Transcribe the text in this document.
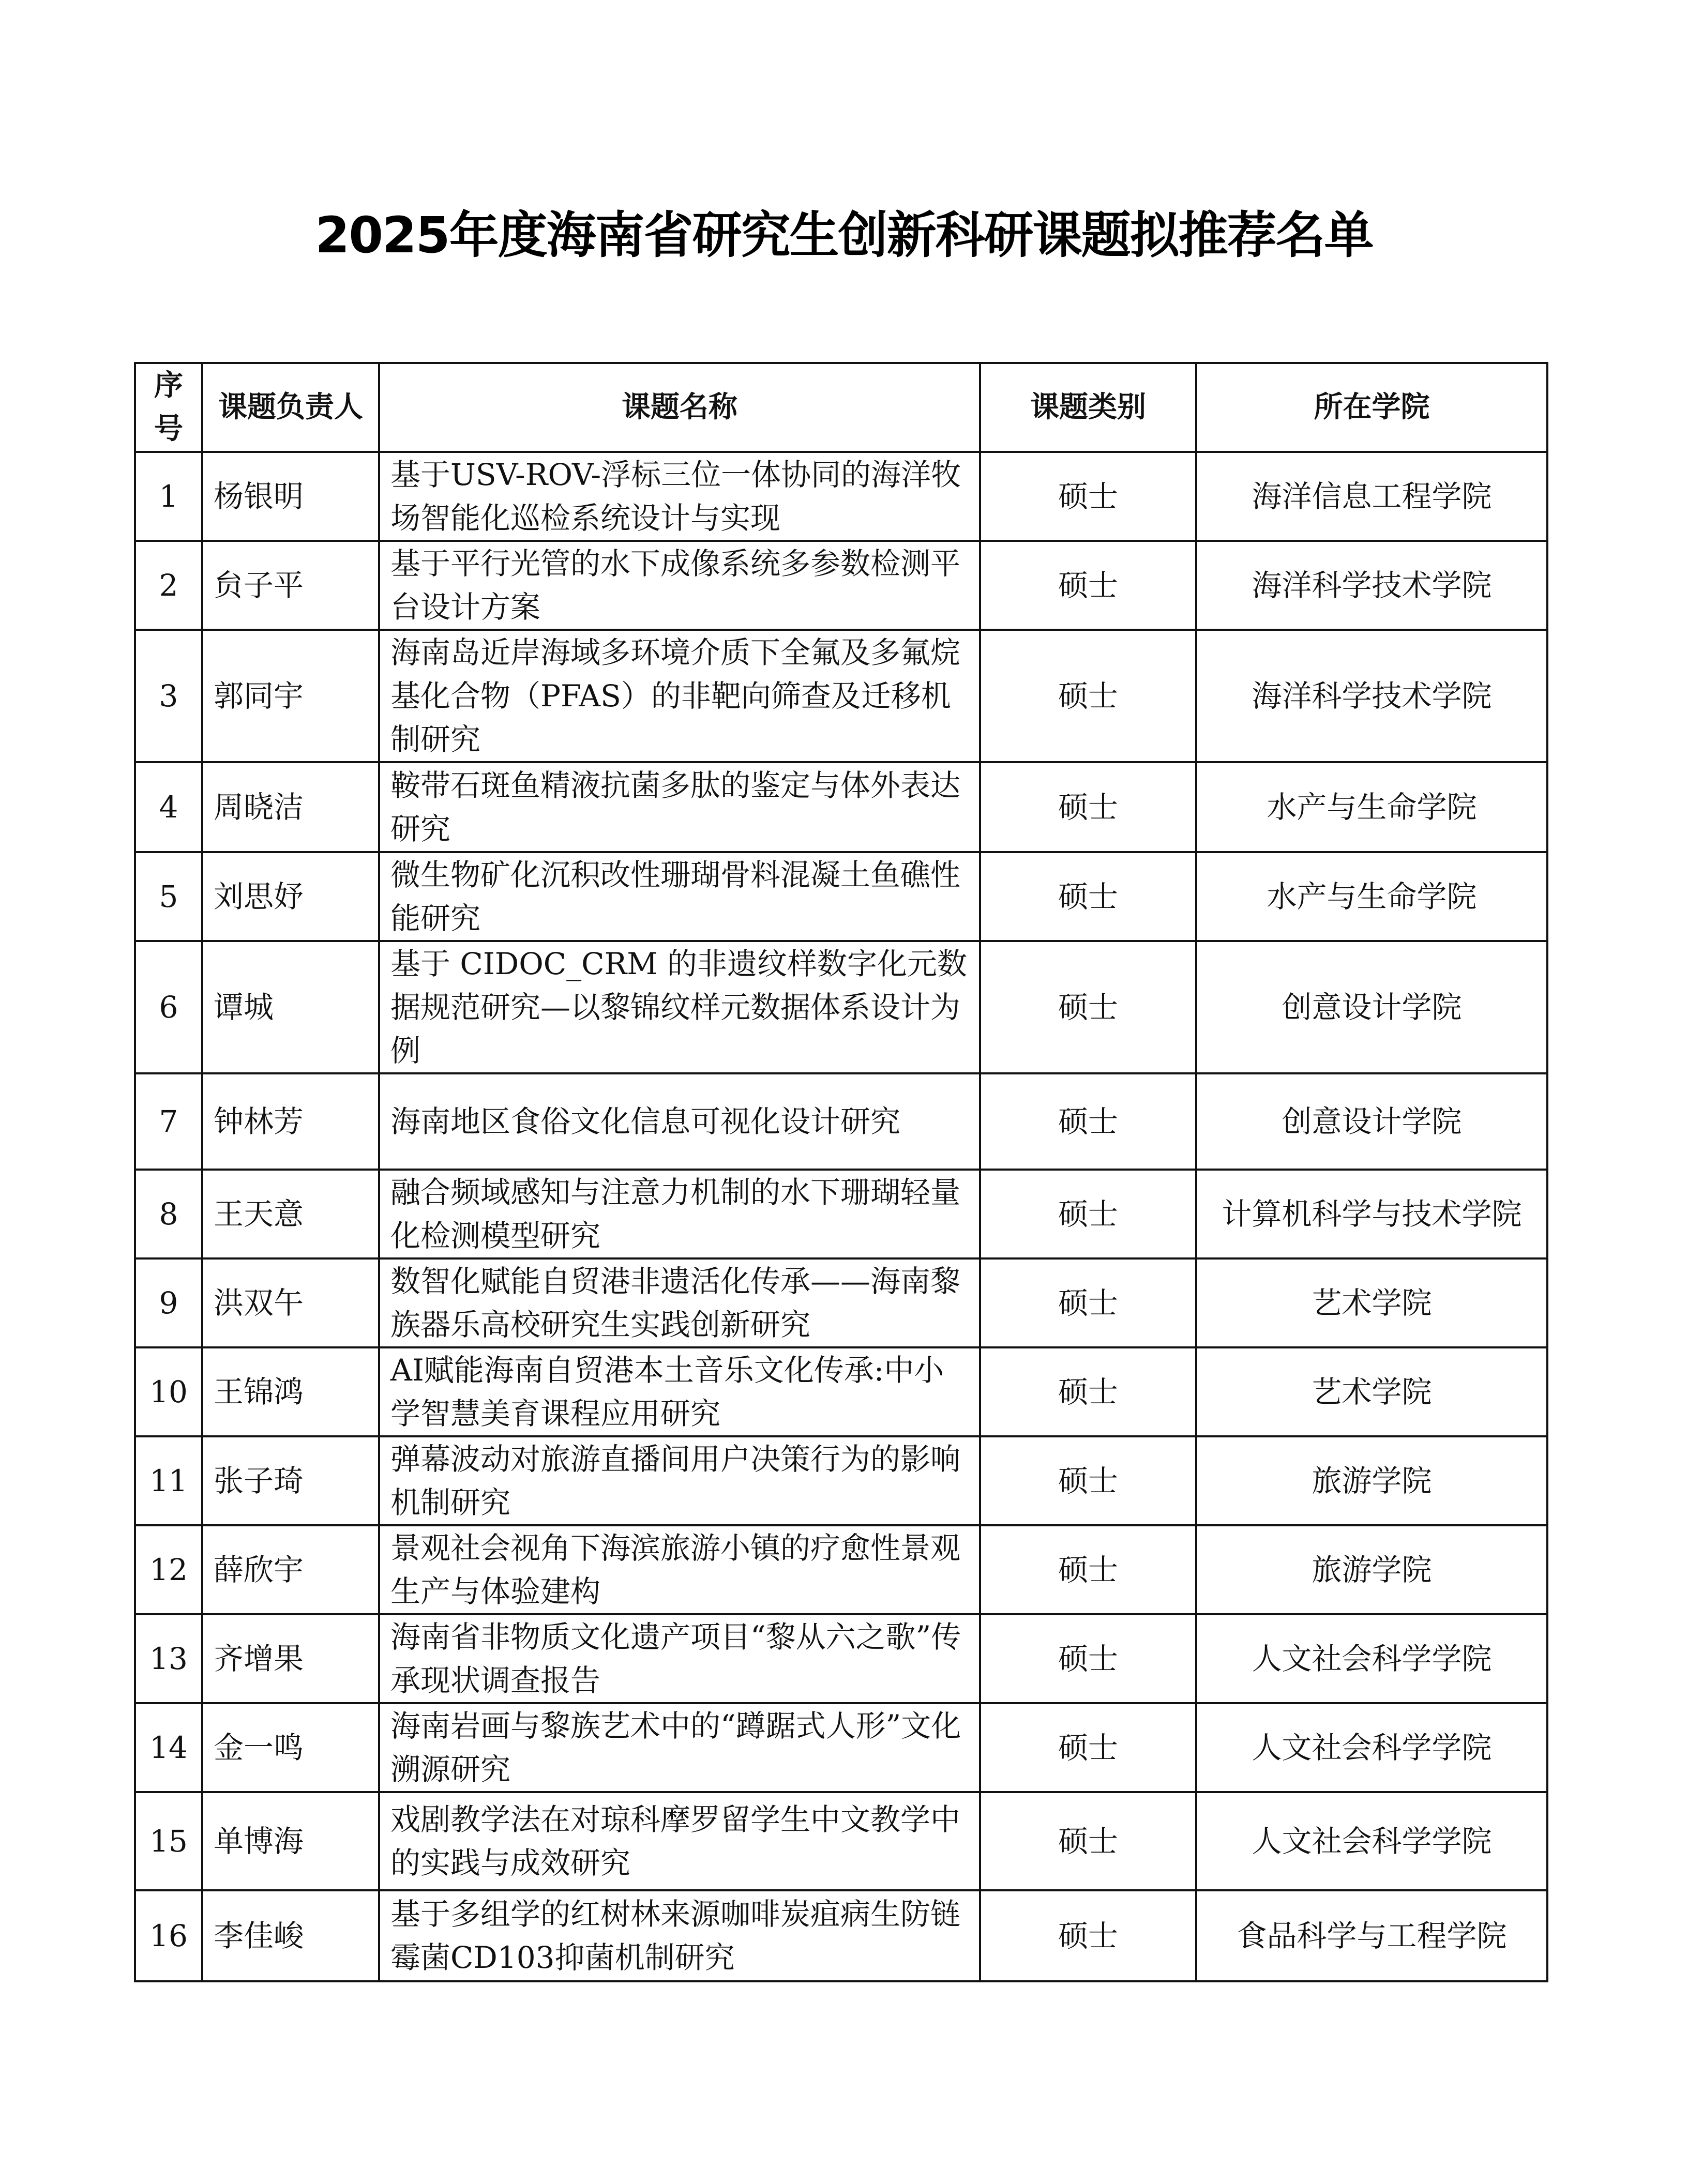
2025年度海南省研究生创新科研课题拟推荐名单
序号	课题负责人	课题名称	课题类别	所在学院
1	杨银明	基于USV-ROV-浮标三位一体协同的海洋牧场智能化巡检系统设计与实现	硕士	海洋信息工程学院
2	贠子平	基于平行光管的水下成像系统多参数检测平台设计方案	硕士	海洋科学技术学院
3	郭同宇	海南岛近岸海域多环境介质下全氟及多氟烷基化合物（PFAS）的非靶向筛查及迁移机制研究	硕士	海洋科学技术学院
4	周晓洁	鞍带石斑鱼精液抗菌多肽的鉴定与体外表达研究	硕士	水产与生命学院
5	刘思妤	微生物矿化沉积改性珊瑚骨料混凝土鱼礁性能研究	硕士	水产与生命学院
6	谭城	基于 CIDOC_CRM 的非遗纹样数字化元数据规范研究—以黎锦纹样元数据体系设计为例	硕士	创意设计学院
7	钟林芳	海南地区食俗文化信息可视化设计研究	硕士	创意设计学院
8	王天意	融合频域感知与注意力机制的水下珊瑚轻量化检测模型研究	硕士	计算机科学与技术学院
9	洪双午	数智化赋能自贸港非遗活化传承——海南黎族器乐高校研究生实践创新研究	硕士	艺术学院
10	王锦鸿	AI赋能海南自贸港本土音乐文化传承:中小学智慧美育课程应用研究	硕士	艺术学院
11	张子琦	弹幕波动对旅游直播间用户决策行为的影响机制研究	硕士	旅游学院
12	薛欣宇	景观社会视角下海滨旅游小镇的疗愈性景观生产与体验建构	硕士	旅游学院
13	齐增果	海南省非物质文化遗产项目“黎从六之歌”传承现状调查报告	硕士	人文社会科学学院
14	金一鸣	海南岩画与黎族艺术中的“蹲踞式人形”文化溯源研究	硕士	人文社会科学学院
15	单博海	戏剧教学法在对琼科摩罗留学生中文教学中的实践与成效研究	硕士	人文社会科学学院
16	李佳峻	基于多组学的红树林来源咖啡炭疽病生防链霉菌CD103抑菌机制研究	硕士	食品科学与工程学院
